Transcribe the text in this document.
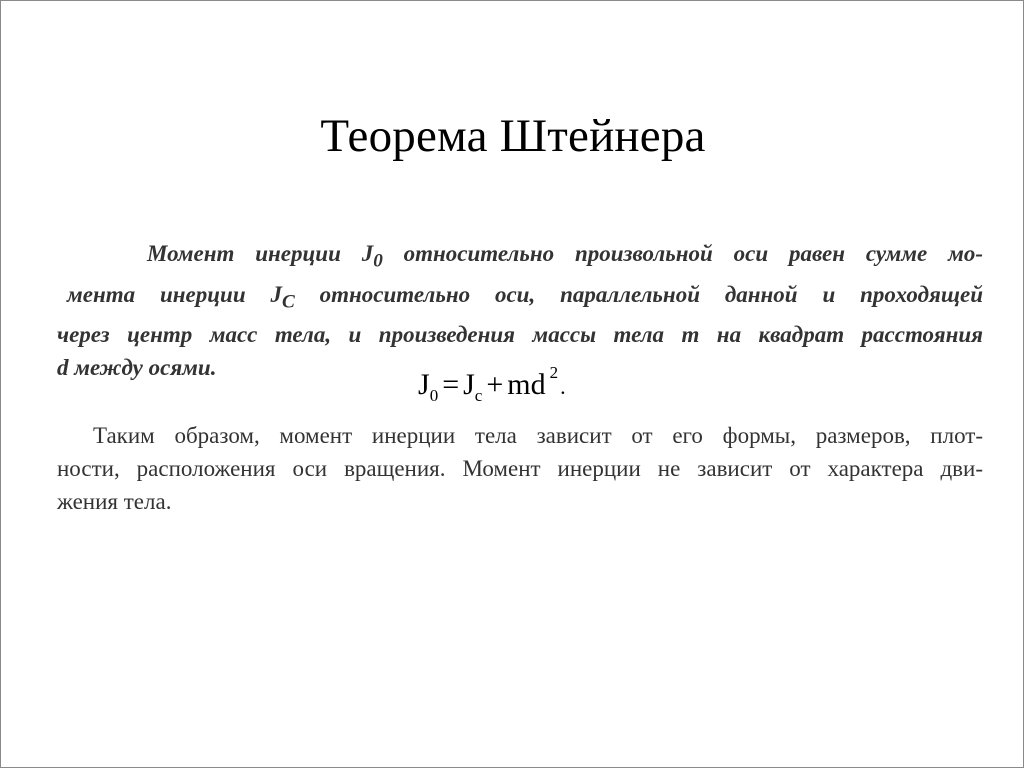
Теорема Штейнера
Момент инерции $J_0$ относительно произвольной оси равен сумме мо-
мента инерции $J_C$ относительно оси, параллельной данной и проходящей
через центр масс тела, и произведения массы тела m на квадрат расстояния
d между осями.
$J_0 = J_c$ + md $^2$.
Таким образом, момент инерции тела зависит от его формы, размеров, плот-
ности, расположения оси вращения. Момент инерции не зависит от характера дви-
жения тела.
